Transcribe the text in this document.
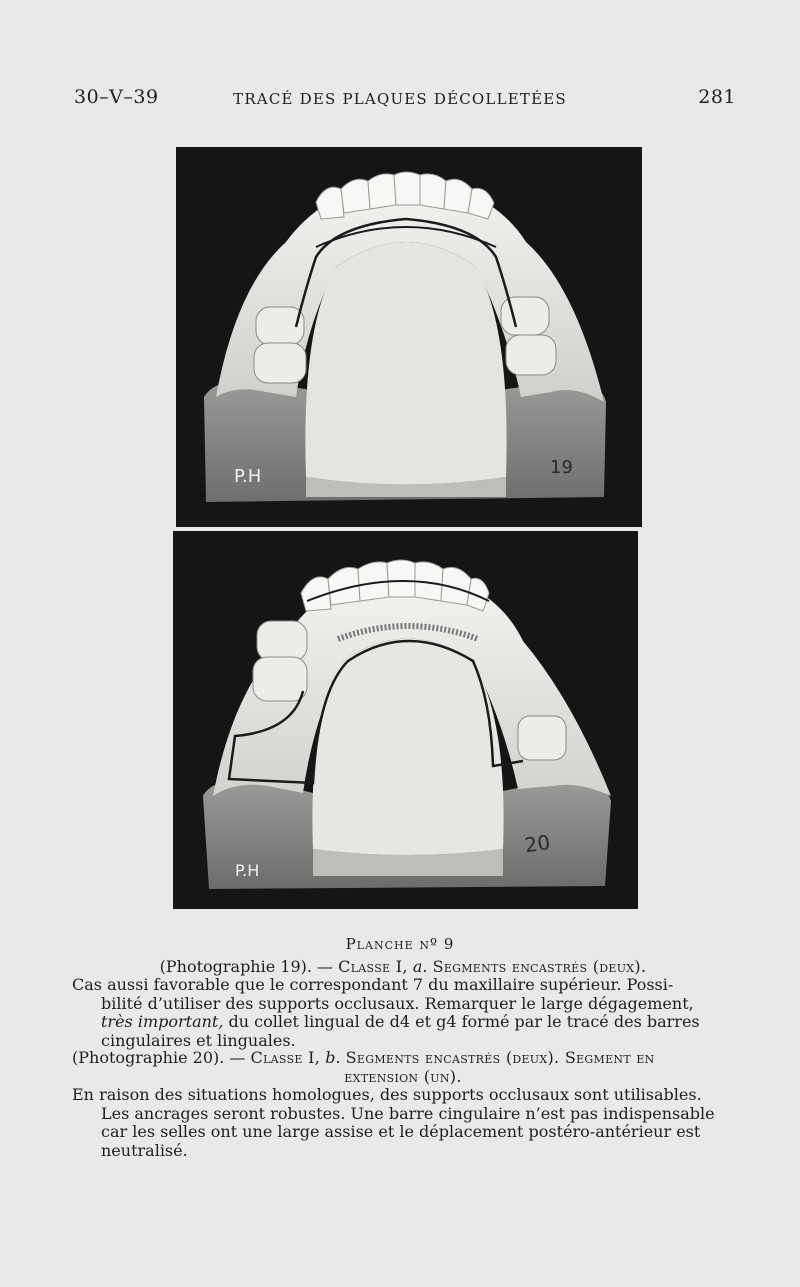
30–V–39	TRACÉ DES PLAQUES DÉCOLLETÉES	281
P.H	19
P.H
20
Planche nº 9
(Photographie 19). — Classe I, a. Segments encastrés (deux).
Cas aussi favorable que le correspondant 7 du maxillaire supérieur. Possi-
bilité d’utiliser des supports occlusaux. Remarquer le large dégagement,
très important, du collet lingual de d4 et g4 formé par le tracé des barres
cingulaires et linguales.
(Photographie 20). — Classe I, b. Segments encastrés (deux). Segment en
extension (un).
En raison des situations homologues, des supports occlusaux sont utilisables.
Les ancrages seront robustes. Une barre cingulaire n’est pas indispensable
car les selles ont une large assise et le déplacement postéro-antérieur est
neutralisé.
